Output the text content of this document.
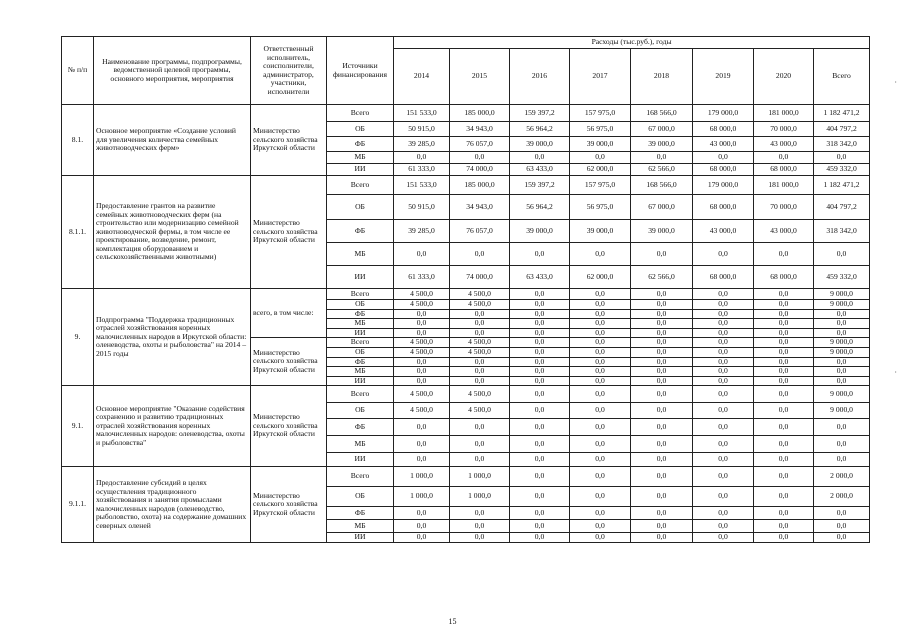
№ п/п	Наименование программы, подпрограммы, ведомственной целевой программы, основного мероприятия, мероприятия	Ответственный исполнитель, соисполнители, администратор, участники, исполнители	Источники финансирования	Расходы (тыс.руб.), годы							
				2014	2015	2016	2017	2018	2019	2020	Всего
8.1.	Основное мероприятие «Создание условий для увеличения количества семейных животноводческих ферм»	Министерство сельского хозяйства Иркутской области	Всего	151 533,0	185 000,0	159 397,2	157 975,0	168 566,0	179 000,0	181 000,0	1 182 471,2
			ОБ	50 915,0	34 943,0	56 964,2	56 975,0	67 000,0	68 000,0	70 000,0	404 797,2
			ФБ	39 285,0	76 057,0	39 000,0	39 000,0	39 000,0	43 000,0	43 000,0	318 342,0
			МБ	0,0	0,0	0,0	0,0	0,0	0,0	0,0	0,0
			ИИ	61 333,0	74 000,0	63 433,0	62 000,0	62 566,0	68 000,0	68 000,0	459 332,0
8.1.1.	Предоставление грантов на развитие семейных животноводческих ферм (на строительство или модернизацию семейной животноводческой фермы, в том числе ее проектирование, возведение, ремонт, комплектация оборудованием и сельскохозяйственными животными)	Министерство сельского хозяйства Иркутской области	Всего	151 533,0	185 000,0	159 397,2	157 975,0	168 566,0	179 000,0	181 000,0	1 182 471,2
			ОБ	50 915,0	34 943,0	56 964,2	56 975,0	67 000,0	68 000,0	70 000,0	404 797,2
			ФБ	39 285,0	76 057,0	39 000,0	39 000,0	39 000,0	43 000,0	43 000,0	318 342,0
			МБ	0,0	0,0	0,0	0,0	0,0	0,0	0,0	0,0
			ИИ	61 333,0	74 000,0	63 433,0	62 000,0	62 566,0	68 000,0	68 000,0	459 332,0
9.	Подпрограмма "Поддержка традиционных отраслей хозяйствования коренных малочисленных народов в Иркутской области: оленеводства, охоты и рыболовства" на 2014 – 2015 годы	всего, в том числе:	Всего	4 500,0	4 500,0	0,0	0,0	0,0	0,0	0,0	9 000,0
			ОБ	4 500,0	4 500,0	0,0	0,0	0,0	0,0	0,0	9 000,0
			ФБ	0,0	0,0	0,0	0,0	0,0	0,0	0,0	0,0
			МБ	0,0	0,0	0,0	0,0	0,0	0,0	0,0	0,0
			ИИ	0,0	0,0	0,0	0,0	0,0	0,0	0,0	0,0
		Министерство сельского хозяйства Иркутской области	Всего	4 500,0	4 500,0	0,0	0,0	0,0	0,0	0,0	9 000,0
			ОБ	4 500,0	4 500,0	0,0	0,0	0,0	0,0	0,0	9 000,0
			ФБ	0,0	0,0	0,0	0,0	0,0	0,0	0,0	0,0
			МБ	0,0	0,0	0,0	0,0	0,0	0,0	0,0	0,0
			ИИ	0,0	0,0	0,0	0,0	0,0	0,0	0,0	0,0
9.1.	Основное мероприятие "Оказание содействия сохранению и развитию традиционных отраслей хозяйствования коренных малочисленных народов: оленеводства, охоты и рыболовства"	Министерство сельского хозяйства Иркутской области	Всего	4 500,0	4 500,0	0,0	0,0	0,0	0,0	0,0	9 000,0
			ОБ	4 500,0	4 500,0	0,0	0,0	0,0	0,0	0,0	9 000,0
			ФБ	0,0	0,0	0,0	0,0	0,0	0,0	0,0	0,0
			МБ	0,0	0,0	0,0	0,0	0,0	0,0	0,0	0,0
			ИИ	0,0	0,0	0,0	0,0	0,0	0,0	0,0	0,0
9.1.1.	Предоставление субсидий в целях осуществления традиционного хозяйствования и занятия промыслами малочисленных народов (оленеводство, рыболовство, охота) на содержание домашних северных оленей	Министерство сельского хозяйства Иркутской области	Всего	1 000,0	1 000,0	0,0	0,0	0,0	0,0	0,0	2 000,0
			ОБ	1 000,0	1 000,0	0,0	0,0	0,0	0,0	0,0	2 000,0
			ФБ	0,0	0,0	0,0	0,0	0,0	0,0	0,0	0,0
			МБ	0,0	0,0	0,0	0,0	0,0	0,0	0,0	0,0
			ИИ	0,0	0,0	0,0	0,0	0,0	0,0	0,0	0,0
15
·
·
